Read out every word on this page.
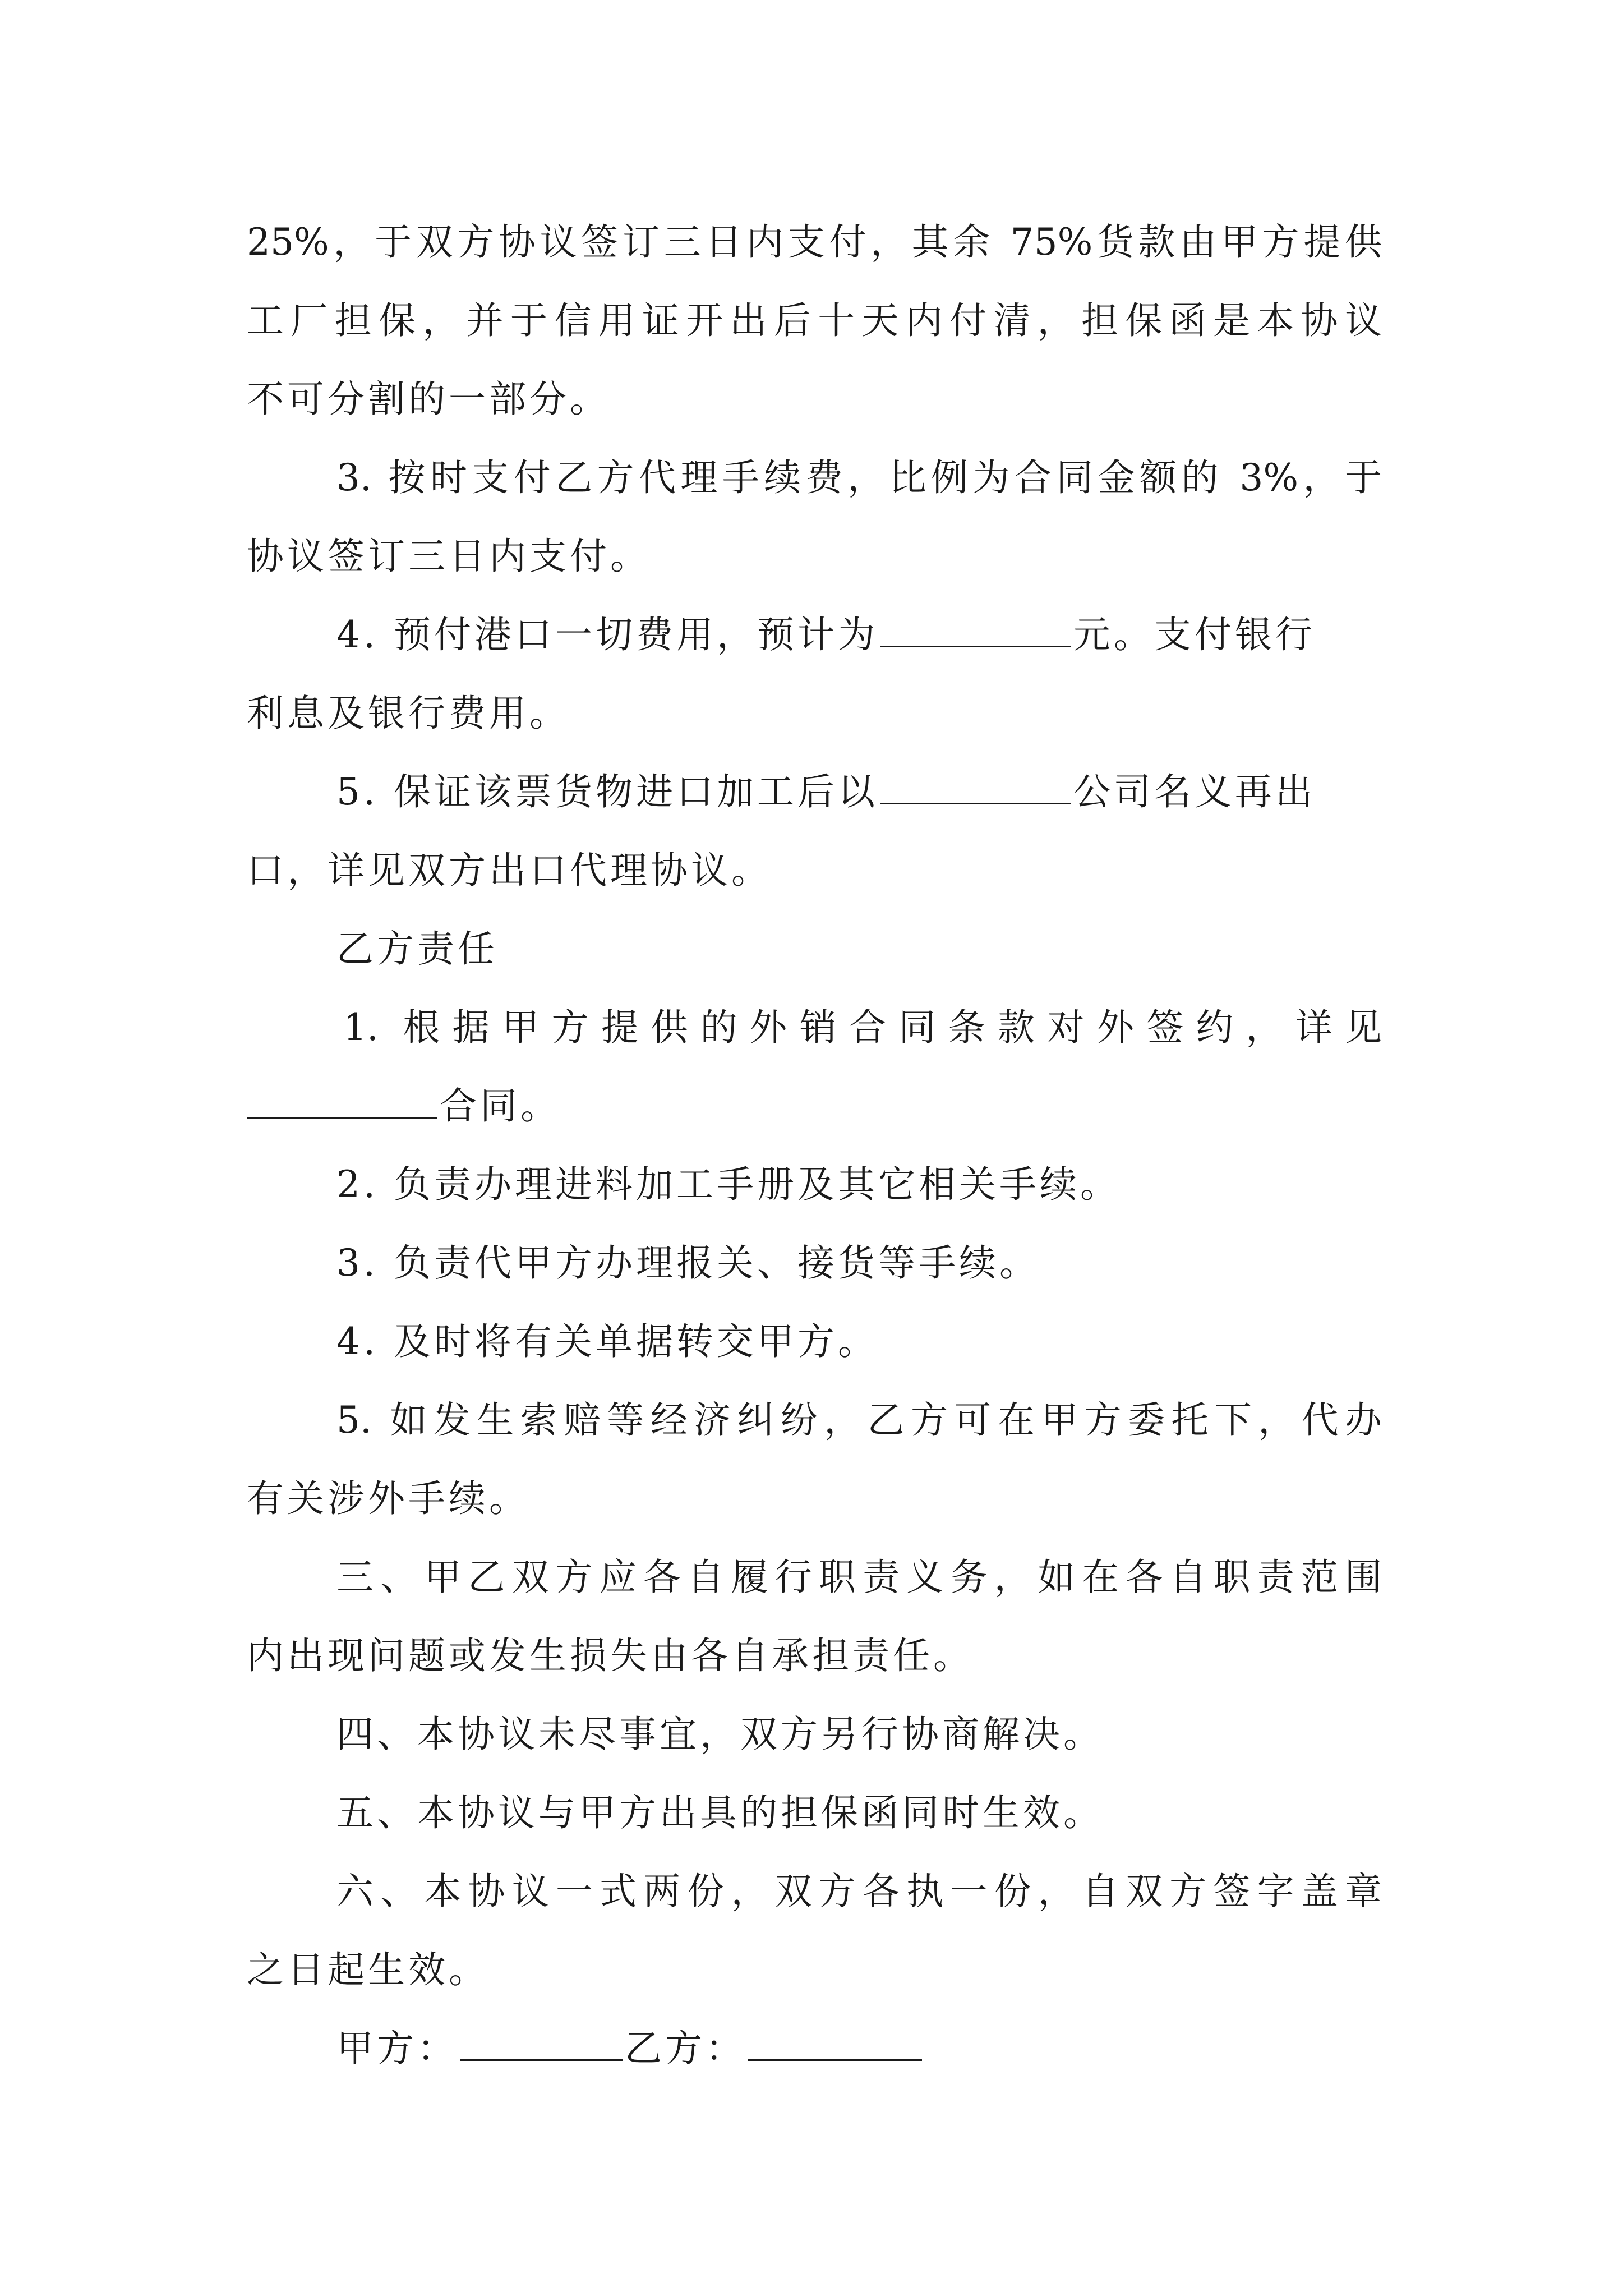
25%，于双方协议签订三日内支付，其余 75%货款由甲方提供
工厂担保，并于信用证开出后十天内付清，担保函是本协议
不可分割的一部分。
3. 按时支付乙方代理手续费，比例为合同金额的 3%，于
协议签订三日内支付。
4. 预付港口一切费用，预计为	元。支付银行
利息及银行费用。
5. 保证该票货物进口加工后以	公司名义再出
口，详见双方出口代理协议。
乙方责任
1. 根据甲方提供的外销合同条款对外签约，详见
合同。
2. 负责办理进料加工手册及其它相关手续。
3. 负责代甲方办理报关、接货等手续。
4. 及时将有关单据转交甲方。
5. 如发生索赔等经济纠纷，乙方可在甲方委托下，代办
有关涉外手续。
三、甲乙双方应各自履行职责义务，如在各自职责范围
内出现问题或发生损失由各自承担责任。
四、本协议未尽事宜，双方另行协商解决。
五、本协议与甲方出具的担保函同时生效。
六、本协议一式两份，双方各执一份，自双方签字盖章
之日起生效。
甲方：	乙方：
